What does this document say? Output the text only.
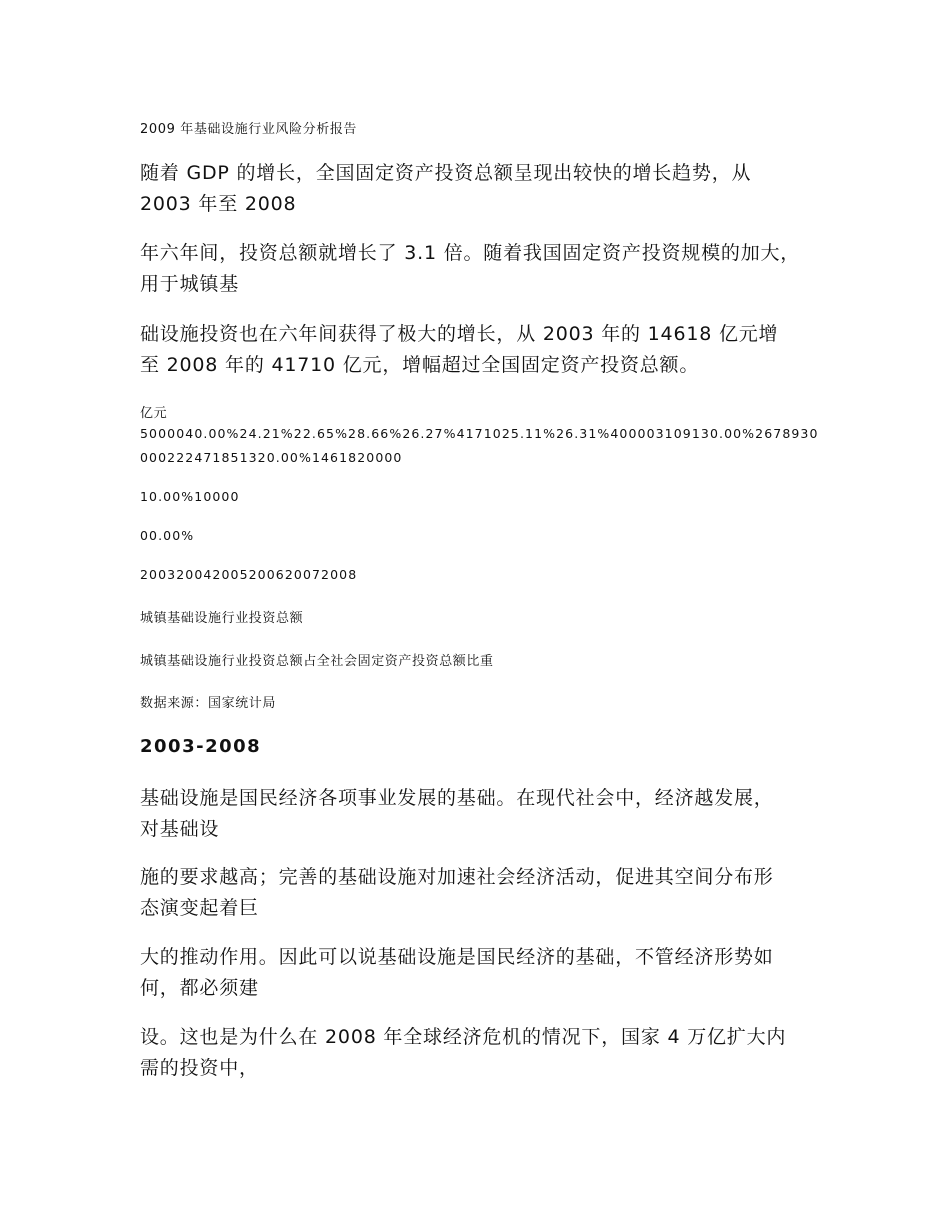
2009 年基础设施行业风险分析报告

随着 GDP 的增长，全国固定资产投资总额呈现出较快的增长趋势，从
2003 年至 2008
年六年间，投资总额就增长了 3.1 倍。随着我国固定资产投资规模的加大，
用于城镇基
础设施投资也在六年间获得了极大的增长，从 2003 年的 14618 亿元增
至 2008 年的 41710 亿元，增幅超过全国固定资产投资总额。

亿元

5000040.00%24.21%22.65%28.66%26.27%4171025.11%26.31%400003109130.00%2678930

000222471851320.00%1461820000

10.00%10000

00.00%

200320042005200620072008

城镇基础设施行业投资总额

城镇基础设施行业投资总额占全社会固定资产投资总额比重

数据来源：国家统计局

2003-2008

基础设施是国民经济各项事业发展的基础。在现代社会中，经济越发展，
对基础设
施的要求越高；完善的基础设施对加速社会经济活动，促进其空间分布形
态演变起着巨
大的推动作用。因此可以说基础设施是国民经济的基础，不管经济形势如
何，都必须建
设。这也是为什么在 2008 年全球经济危机的情况下，国家 4 万亿扩大内
需的投资中，
